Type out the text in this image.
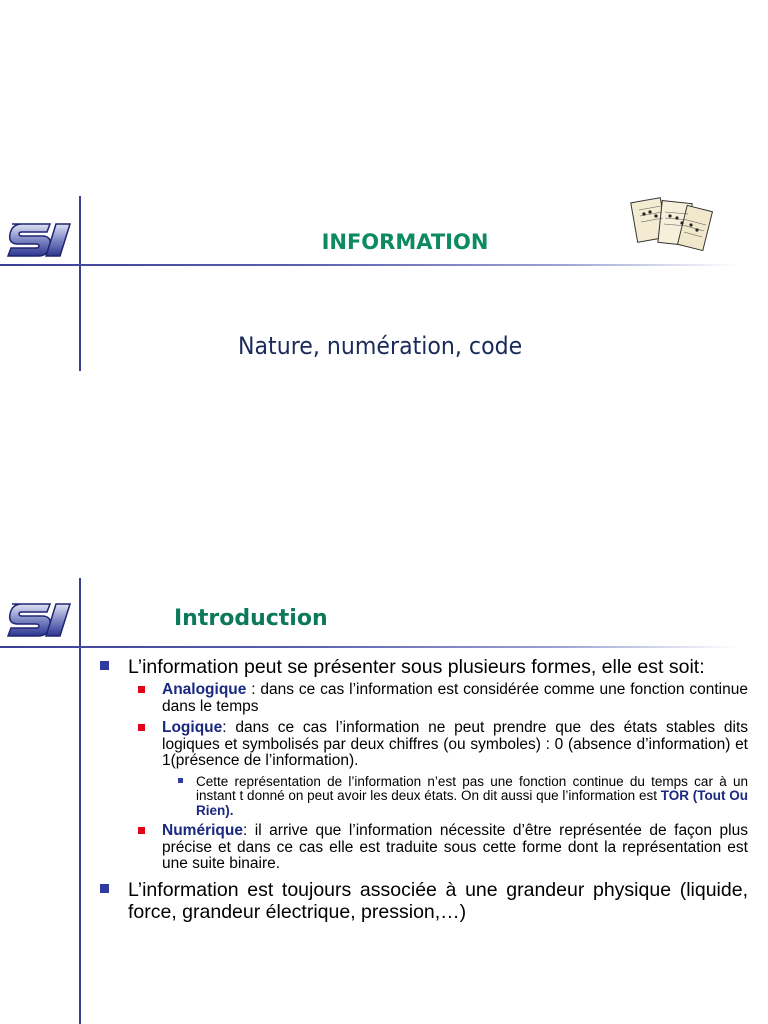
INFORMATION
Nature, numération, code
Introduction
L’information peut se présenter sous plusieurs formes, elle est soit:
Analogique : dans ce cas l’information est considérée comme une fonction continue dans le temps
Logique: dans ce cas l’information ne peut prendre que des états stables dits logiques et symbolisés par deux chiffres (ou symboles) : 0 (absence d’information) et 1(présence de l’information).
Cette représentation de l’information n’est pas une fonction continue du temps car à un instant t donné on peut avoir les deux états. On dit aussi que l’information est TOR (Tout Ou Rien).
Numérique: il arrive que l’information nécessite d’être représentée de façon plus précise et dans ce cas elle est traduite sous cette forme dont la représentation est une suite binaire.
L’information est toujours associée à une grandeur physique (liquide, force, grandeur électrique, pression,…)
